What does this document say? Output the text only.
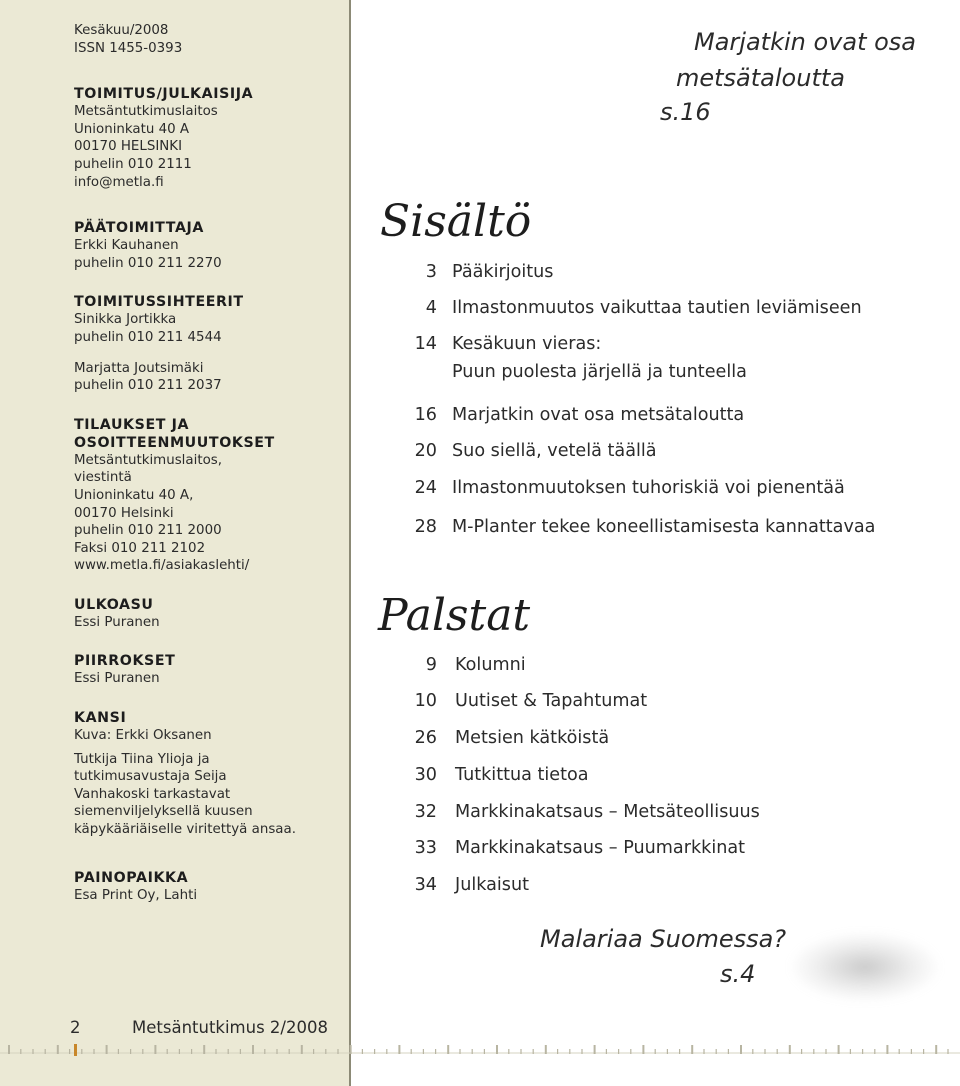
Kesäkuu/2008
ISSN 1455-0393
TOIMITUS/JULKAISIJA
Metsäntutkimuslaitos
Unioninkatu 40 A
00170 HELSINKI
puhelin 010 2111
info@metla.fi
PÄÄTOIMITTAJA
Erkki Kauhanen
puhelin 010 211 2270
TOIMITUSSIHTEERIT
Sinikka Jortikka
puhelin 010 211 4544
Marjatta Joutsimäki
puhelin 010 211 2037
TILAUKSET JA
OSOITTEENMUUTOKSET
Metsäntutkimuslaitos,
viestintä
Unioninkatu 40 A,
00170 Helsinki
puhelin 010 211 2000
Faksi 010 211 2102
www.metla.fi/asiakaslehti/
ULKOASU
Essi Puranen
PIIRROKSET
Essi Puranen
KANSI
Kuva: Erkki Oksanen
Tutkija Tiina Ylioja ja
tutkimusavustaja Seija
Vanhakoski tarkastavat
siemenviljelyksellä kuusen
käpykääriäiselle viritettyä ansaa.
PAINOPAIKKA
Esa Print Oy, Lahti
2	Metsäntutkimus 2/2008
Marjatkin ovat osa
metsätaloutta
s.16
Sisältö
3 Pääkirjoitus
4 Ilmastonmuutos vaikuttaa tautien leviämiseen
14 Kesäkuun vieras:
Puun puolesta järjellä ja tunteella
16 Marjatkin ovat osa metsätaloutta
20 Suo siellä, vetelä täällä
24 Ilmastonmuutoksen tuhoriskiä voi pienentää
28 M-Planter tekee koneellistamisesta kannattavaa
Palstat
9 Kolumni
10 Uutiset & Tapahtumat
26 Metsien kätköistä
30 Tutkittua tietoa
32 Markkinakatsaus – Metsäteollisuus
33 Markkinakatsaus – Puumarkkinat
34 Julkaisut
Malariaa Suomessa?
s.4
